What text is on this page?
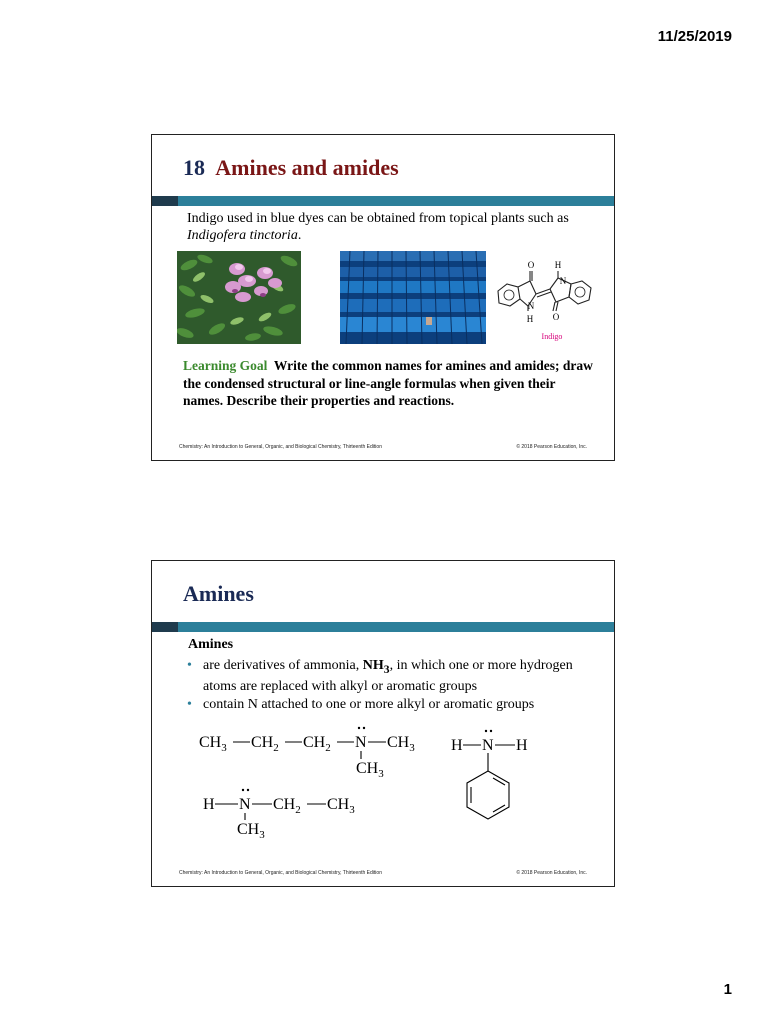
11/25/2019
18 Amines and amides
Indigo used in blue dyes can be obtained from topical plants such as Indigofera tinctoria.
O H
N
N
O
H
Indigo
Learning Goal Write the common names for amines and amides; draw the condensed structural or line-angle formulas when given their names. Describe their properties and reactions.
Chemistry: An Introduction to General, Organic, and Biological Chemistry, Thirteenth Edition	© 2018 Pearson Education, Inc.
Amines
Amines
• are derivatives of ammonia, $NH_3$, in which one or more hydrogen atoms are replaced with alkyl or aromatic groups
• contain N attached to one or more alkyl or aromatic groups
$CH_3$ $CH_2$ $CH_2$ N $CH_3$
$CH_3$
H N H
H N $CH_2$ $CH_3$
$CH_3$
Chemistry: An Introduction to General, Organic, and Biological Chemistry, Thirteenth Edition	© 2018 Pearson Education, Inc.
1
